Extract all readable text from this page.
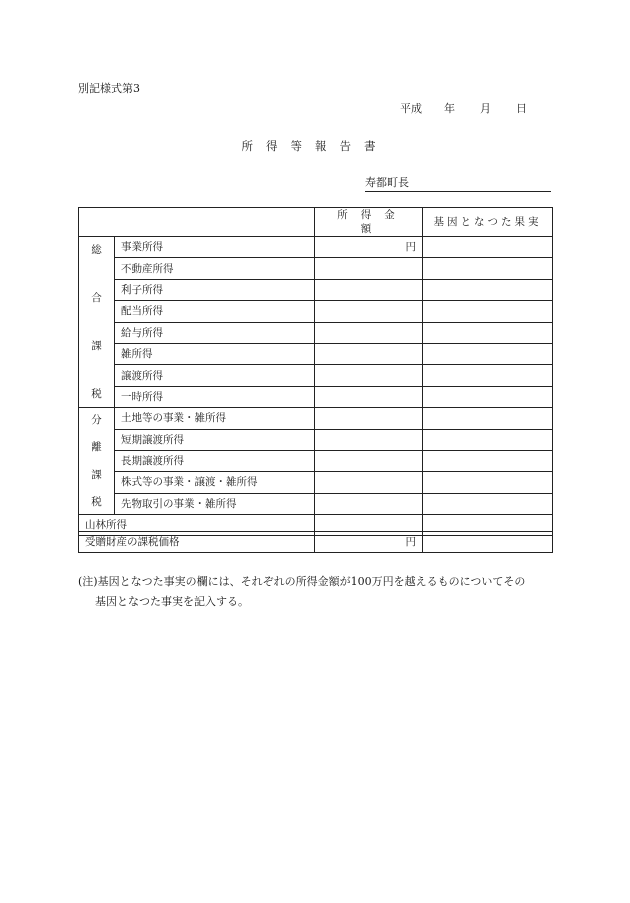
別記様式第3
平成 年 月 日
所得等報告書
寿都町長
		所得金額	基因となつた果実

総
合
課
税	事業所得	円	
	不動産所得		
	利子所得		
	配当所得		
	給与所得		
	雑所得		
	譲渡所得		
	一時所得		

分
離
課
税	土地等の事業・雑所得		
	短期譲渡所得		
	長期譲渡所得		
	株式等の事業・譲渡・雑所得		
	先物取引の事業・雑所得		
山林所得			
受贈財産の課税価格	円	
(注)基因となつた事実の欄には、それぞれの所得金額が100万円を越えるものについてその
基因となつた事実を記入する。
